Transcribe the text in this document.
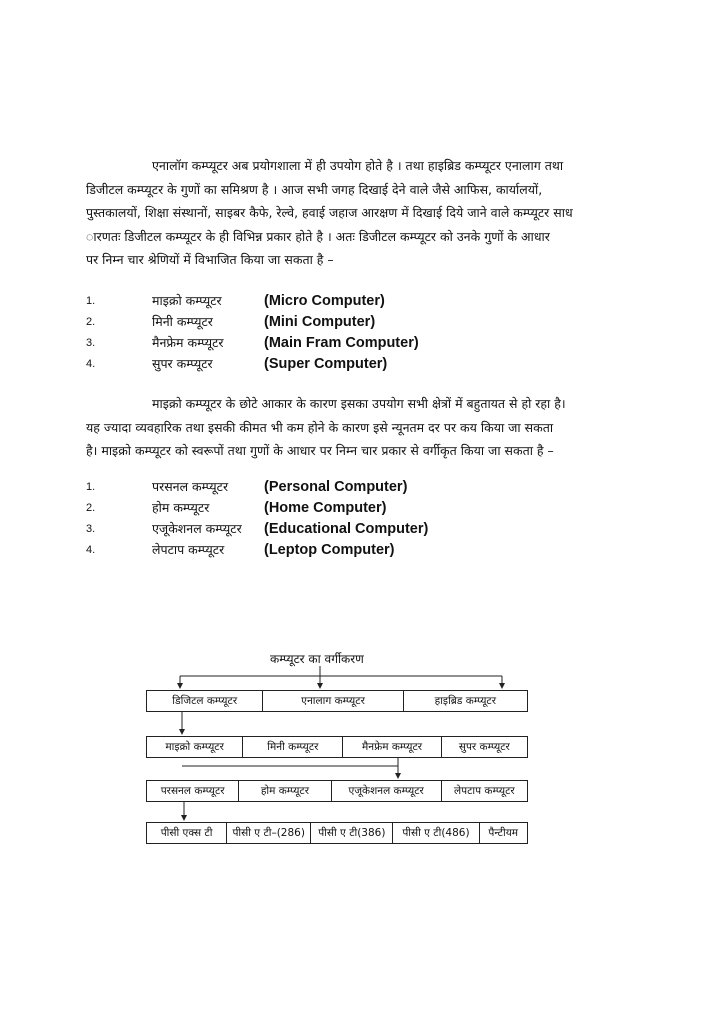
एनालॉग कम्प्यूटर अब प्रयोगशाला में ही उपयोग होते है । तथा हाइब्रिड कम्प्यूटर एनालाग तथा
डिजीटल कम्प्यूटर के गुणों का समिश्रण है । आज सभी जगह दिखाई देने वाले जैसे आफिस, कार्यालयों,
पुस्तकालयों, शिक्षा संस्थानों, साइबर कैफे, रेल्वे, हवाई जहाज आरक्षण में दिखाई दिये जाने वाले कम्प्यूटर साध
ारणतः डिजीटल कम्प्यूटर के ही विभिन्न प्रकार होते है । अतः डिजीटल कम्प्यूटर को उनके गुणों के आधार
पर निम्न चार श्रेणियों में विभाजित किया जा सकता है –
1.	माइक्रो कम्प्यूटर	(Micro Computer)
2.	मिनी कम्प्यूटर	(Mini Computer)
3.	मैनफ्रेम कम्प्यूटर	(Main Fram Computer)
4.	सुपर कम्प्यूटर	(Super Computer)
माइक्रो कम्प्यूटर के छोटे आकार के कारण इसका उपयोग सभी क्षेत्रों में बहुतायत से हो रहा है।
यह ज्यादा व्यवहारिक तथा इसकी कीमत भी कम होने के कारण इसे न्यूनतम दर पर कय किया जा सकता
है। माइक्रो कम्प्यूटर को स्वरूपों तथा गुणों के आधार पर निम्न चार प्रकार से वर्गीकृत किया जा सकता है –
1.	परसनल कम्प्यूटर	(Personal Computer)
2.	होम कम्प्यूटर	(Home Computer)
3.	एजूकेशनल कम्प्यूटर	(Educational Computer)
4.	लेपटाप कम्प्यूटर	(Leptop Computer)
कम्प्यूटर का वर्गीकरण
डिजिटल कम्प्यूटर	एनालाग कम्प्यूटर	हाइब्रिड कम्प्यूटर
माइक्रो कम्प्यूटर	मिनी कम्प्यूटर	मैनफ्रेम कम्प्यूटर	सुपर कम्प्यूटर
परसनल कम्प्यूटर	होम कम्प्यूटर	एजूकेशनल कम्प्यूटर	लेपटाप कम्प्यूटर
पीसी एक्स टी	पीसी ए टी–(286)	पीसी ए टी(386)	पीसी ए टी(486)	पैन्टीयम
